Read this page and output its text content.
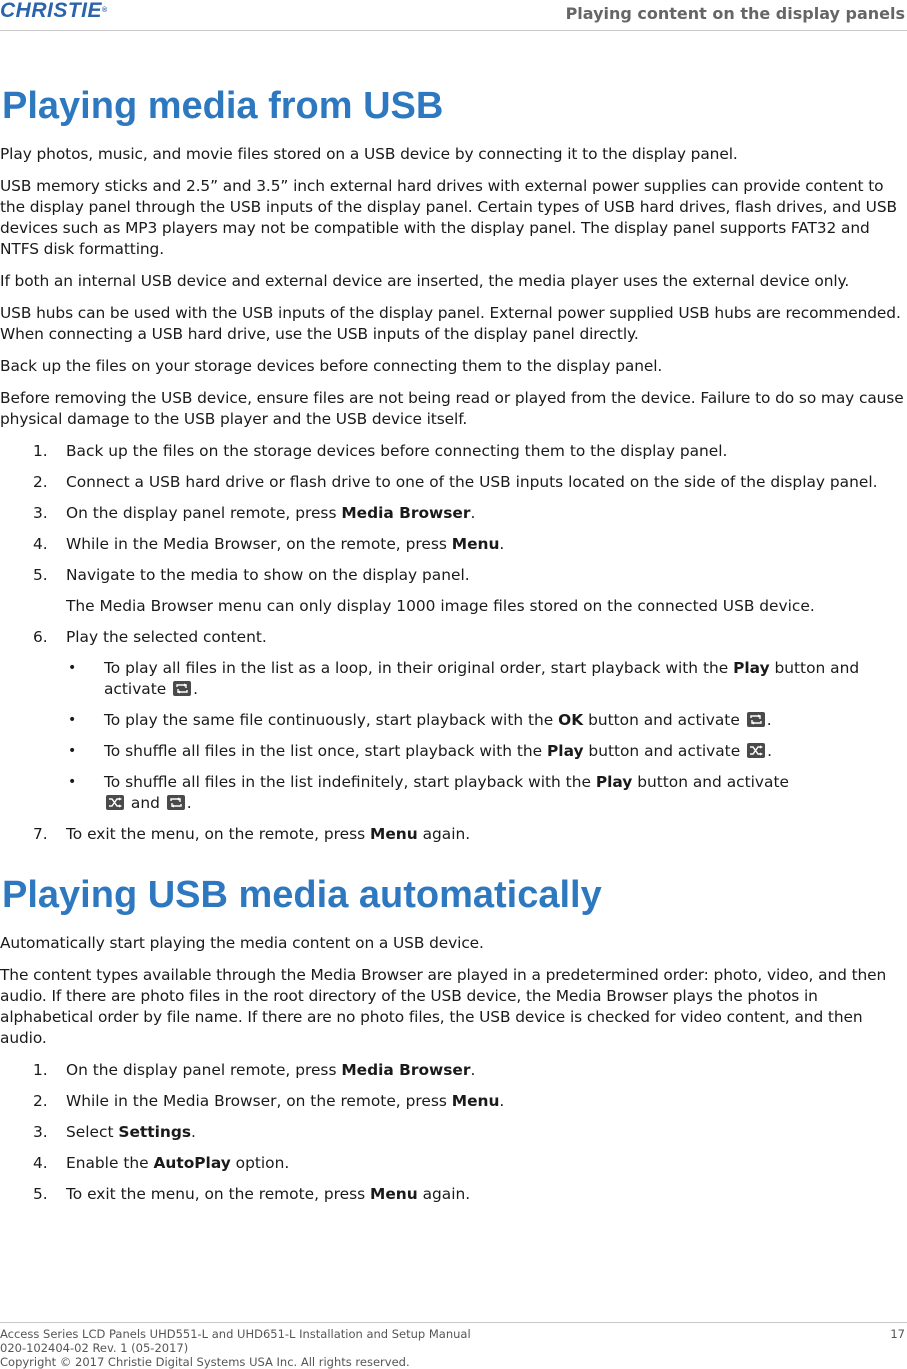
CHRISTIE®	Playing content on the display panels
Playing media from USB

Play photos, music, and movie files stored on a USB device by connecting it to the display panel.

USB memory sticks and 2.5” and 3.5” inch external hard drives with external power supplies can provide content to the display panel through the USB inputs of the display panel. Certain types of USB hard drives, flash drives, and USB devices such as MP3 players may not be compatible with the display panel. The display panel supports FAT32 and NTFS disk formatting.

If both an internal USB device and external device are inserted, the media player uses the external device only.

USB hubs can be used with the USB inputs of the display panel. External power supplied USB hubs are recommended. When connecting a USB hard drive, use the USB inputs of the display panel directly.

Back up the files on your storage devices before connecting them to the display panel.

Before removing the USB device, ensure files are not being read or played from the device. Failure to do so may cause physical damage to the USB player and the USB device itself.

1. Back up the files on the storage devices before connecting them to the display panel.
2. Connect a USB hard drive or flash drive to one of the USB inputs located on the side of the display panel.
3. On the display panel remote, press Media Browser.
4. While in the Media Browser, on the remote, press Menu.
5. Navigate to the media to show on the display panel.
The Media Browser menu can only display 1000 image files stored on the connected USB device.
6. Play the selected content.
• To play all files in the list as a loop, in their original order, start playback with the Play button and activate
.
• To play the same file continuously, start playback with the OK button and activate
.
• To shuffle all files in the list once, start playback with the Play button and activate
.
• To shuffle all files in the list indefinitely, start playback with the Play button and activate

and
.
7. To exit the menu, on the remote, press Menu again.
Playing USB media automatically

Automatically start playing the media content on a USB device.

The content types available through the Media Browser are played in a predetermined order: photo, video, and then audio. If there are photo files in the root directory of the USB device, the Media Browser plays the photos in alphabetical order by file name. If there are no photo files, the USB device is checked for video content, and then audio.

1. On the display panel remote, press Media Browser.
2. While in the Media Browser, on the remote, press Menu.
3. Select Settings.
4. Enable the AutoPlay option.
5. To exit the menu, on the remote, press Menu again.
Access Series LCD Panels UHD551-L and UHD651-L Installation and Setup Manual	17
020-102404-02 Rev. 1 (05-2017)
Copyright © 2017 Christie Digital Systems USA Inc. All rights reserved.
